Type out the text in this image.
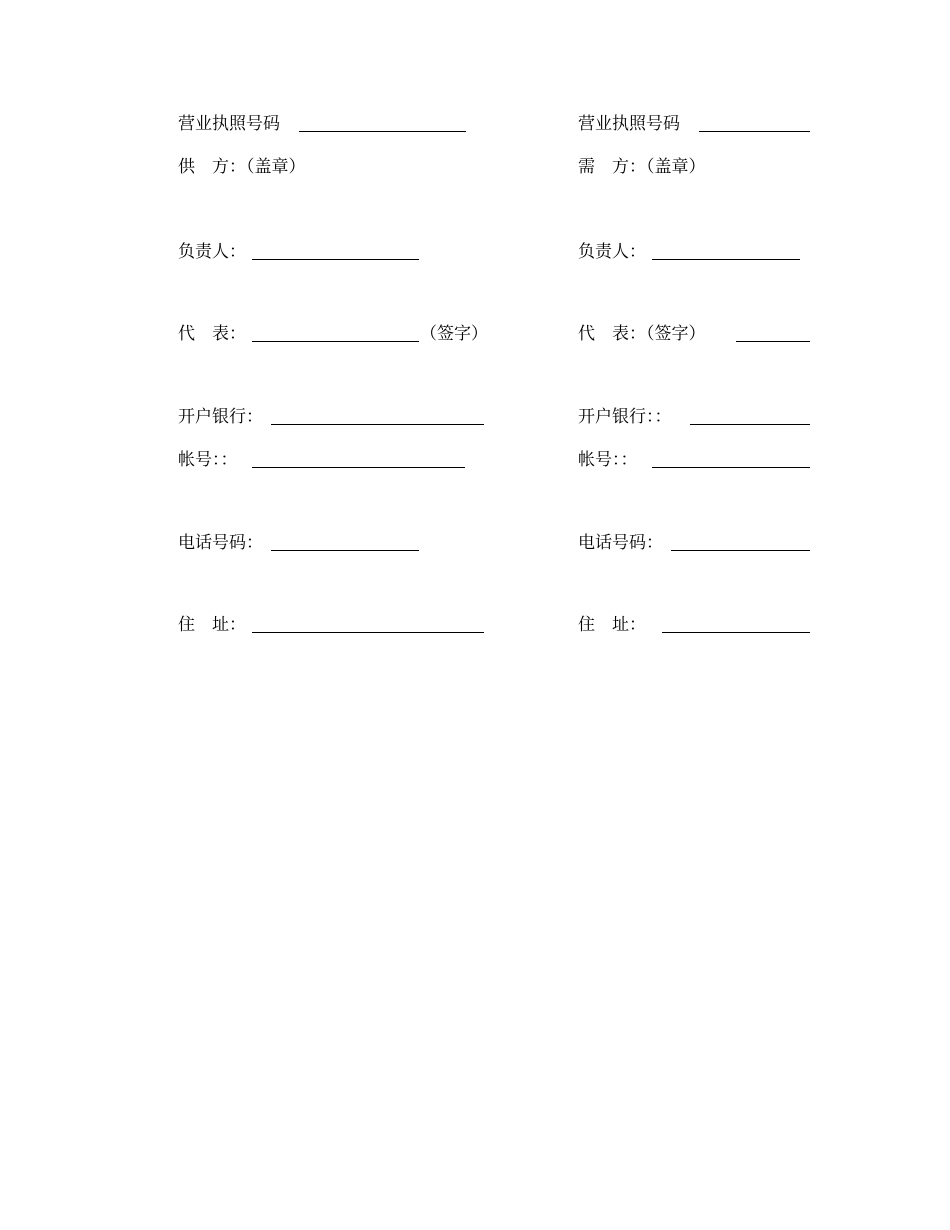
营业执照号码
供　方：（盖章）
负责人：
代　表：	（签字）
开户银行：
帐号：：
电话号码：
住　址：
营业执照号码
需　方：（盖章）
负责人：
代　表：（签字）
开户银行：：
帐号：：
电话号码：
住　址：
